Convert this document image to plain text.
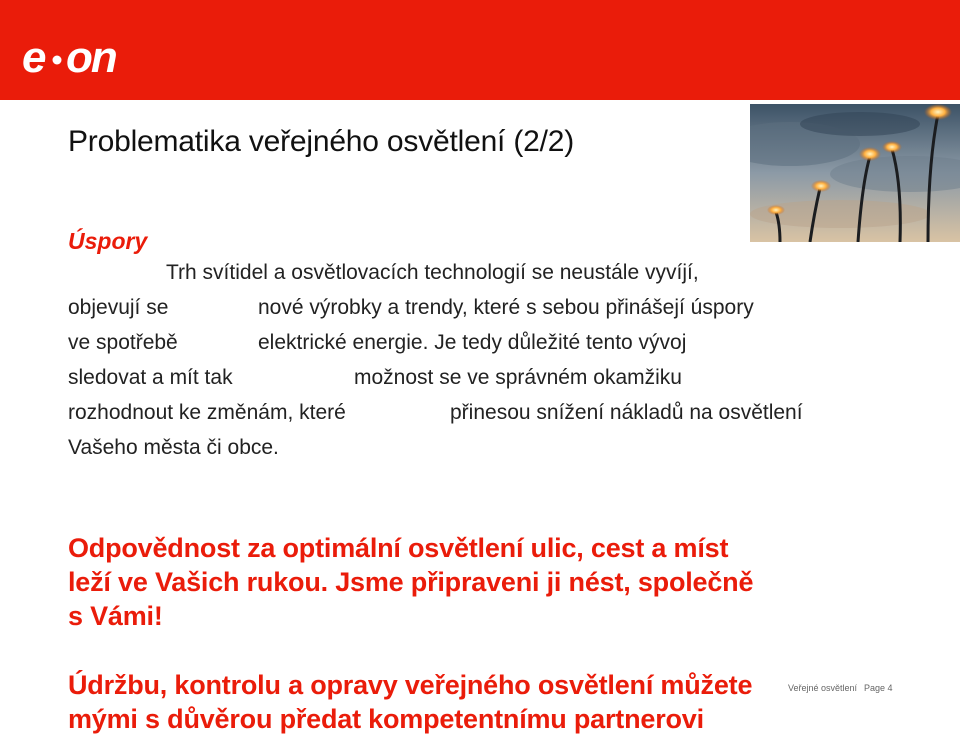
e on
Problematika veřejného osvětlení (2/2)
Úspory
Trh svítidel a osvětlovacích technologií se neustále vyvíjí,
objevují se	nové výrobky a trendy, které s sebou přinášejí úspory
ve spotřebě	elektrické energie. Je tedy důležité tento vývoj
sledovat a mít tak	možnost se ve správném okamžiku
rozhodnout ke změnám, které	přinesou snížení nákladů na osvětlení
Vašeho města či obce.
Odpovědnost za optimální osvětlení ulic, cest a míst
leží ve Vašich rukou. Jsme připraveni ji nést, společně
s Vámi!
Údržbu, kontrolu a opravy veřejného osvětlení můžete
mými s důvěrou předat kompetentnímu partnerovi
Veřejné osvětlení Page 4
